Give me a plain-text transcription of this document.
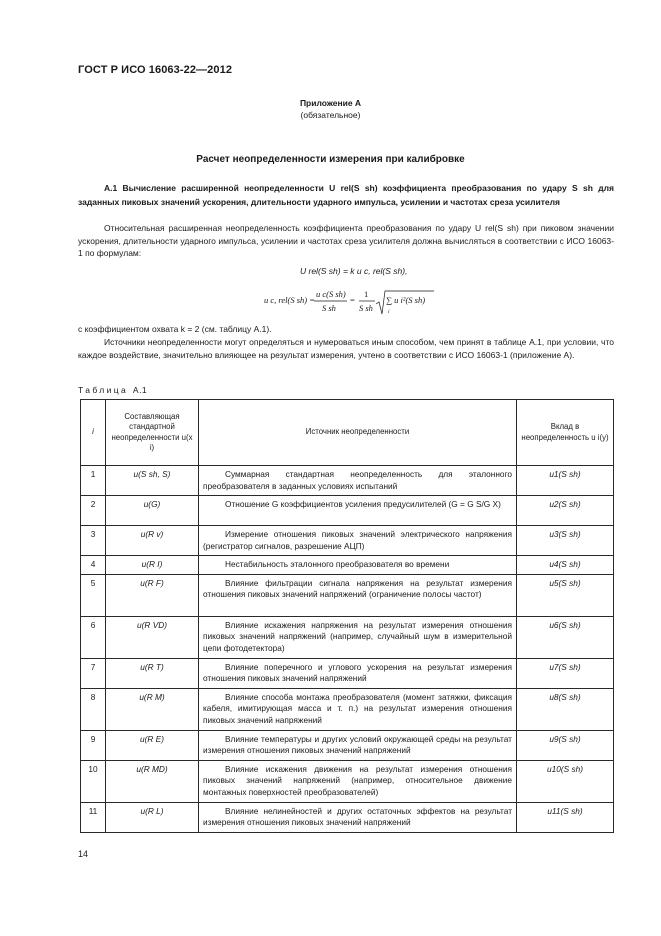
ГОСТ Р ИСО 16063-22—2012
Приложение А
(обязательное)
Расчет неопределенности измерения при калибровке
А.1 Вычисление расширенной неопределенности U rel(S sh) коэффициента преобразования по удару S sh для заданных пиковых значений ускорения, длительности ударного импульса, усилении и частотах среза усилителя
Относительная расширенная неопределенность коэффициента преобразования по удару U rel(S sh) при пиковом значении ускорения, длительности ударного импульса, усилении и частотах среза усилителя должна вычисляться в соответствии с ИСО 16063-1 по формулам:
U rel(S sh) = k u c, rel(S sh),
u c, rel(S sh) =
u c(S sh)
S sh
=
1
S sh
∑ u i²(S sh)
i
с коэффициентом охвата k = 2 (см. таблицу А.1).
Источники неопределенности могут определяться и нумероваться иным способом, чем принят в таблице А.1, при условии, что каждое воздействие, значительно влияющее на результат измерения, учтено в соответствии с ИСО 16063-1 (приложение А).
Таблица А.1
i	Составляющая стандартной неопределенности u(x i)	Источник неопределенности	Вклад в неопределенность u i(y)
1	u(S sh, S)	Суммарная стандартная неопределенность для эталонного преобразователя в заданных условиях испытаний	u1(S sh)
2	u(G)	Отношение G коэффициентов усиления предусилителей (G = G S/G X)	u2(S sh)
3	u(R v)	Измерение отношения пиковых значений электрического напряжения (регистратор сигналов, разрешение АЦП)	u3(S sh)
4	u(R I)	Нестабильность эталонного преобразователя во времени	u4(S sh)
5	u(R F)	Влияние фильтрации сигнала напряжения на результат измерения отношения пиковых значений напряжений (ограничение полосы частот)	u5(S sh)
6	u(R VD)	Влияние искажения напряжения на результат измерения отношения пиковых значений напряжений (например, случайный шум в измерительной цепи фотодетектора)	u6(S sh)
7	u(R T)	Влияние поперечного и углового ускорения на результат измерения отношения пиковых значений напряжений	u7(S sh)
8	u(R M)	Влияние способа монтажа преобразователя (момент затяжки, фиксация кабеля, имитирующая масса и т. п.) на результат измерения отношения пиковых значений напряжений	u8(S sh)
9	u(R E)	Влияние температуры и других условий окружающей среды на результат измерения отношения пиковых значений напряжений	u9(S sh)
10	u(R MD)	Влияние искажения движения на результат измерения отношения пиковых значений напряжений (например, относительное движение монтажных поверхностей преобразователей)	u10(S sh)
11	u(R L)	Влияние нелинейностей и других остаточных эффектов на результат измерения отношения пиковых значений напряжений	u11(S sh)
14
